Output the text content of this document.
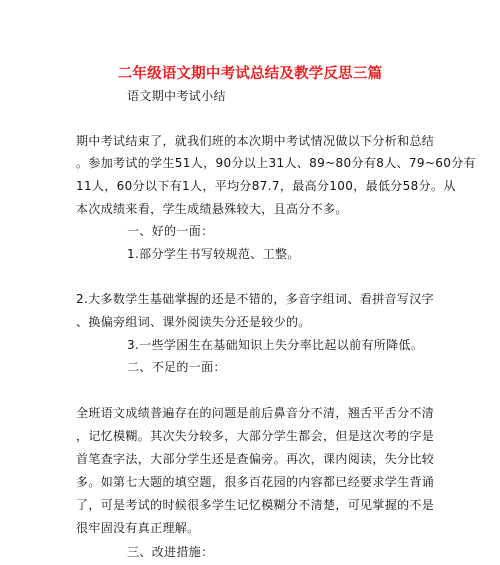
二年级语文期中考试总结及教学反思三篇
语文期中考试小结
期中考试结束了，就我们班的本次期中考试情况做以下分析和总结
。参加考试的学生51人，90分以上31人、89~80分有8人、79~60分有
11人，60分以下有1人，平均分87.7，最高分100，最低分58分。从
本次成绩来看，学生成绩悬殊较大，且高分不多。
一、好的一面：
1.部分学生书写较规范、工整。
2.大多数学生基础掌握的还是不错的，多音字组词、看拼音写汉字
、换偏旁组词、课外阅读失分还是较少的。
3.一些学困生在基础知识上失分率比起以前有所降低。
二、不足的一面：
全班语文成绩普遍存在的问题是前后鼻音分不清，翘舌平舌分不清
，记忆模糊。其次失分较多，大部分学生都会，但是这次考的字是
首笔查字法，大部分学生还是查偏旁。再次，课内阅读，失分比较
多。如第七大题的填空题，很多百花园的内容都已经要求学生背诵
了，可是考试的时候很多学生记忆模糊分不清楚，可见掌握的不是
很牢固没有真正理解。
三、改进措施：
